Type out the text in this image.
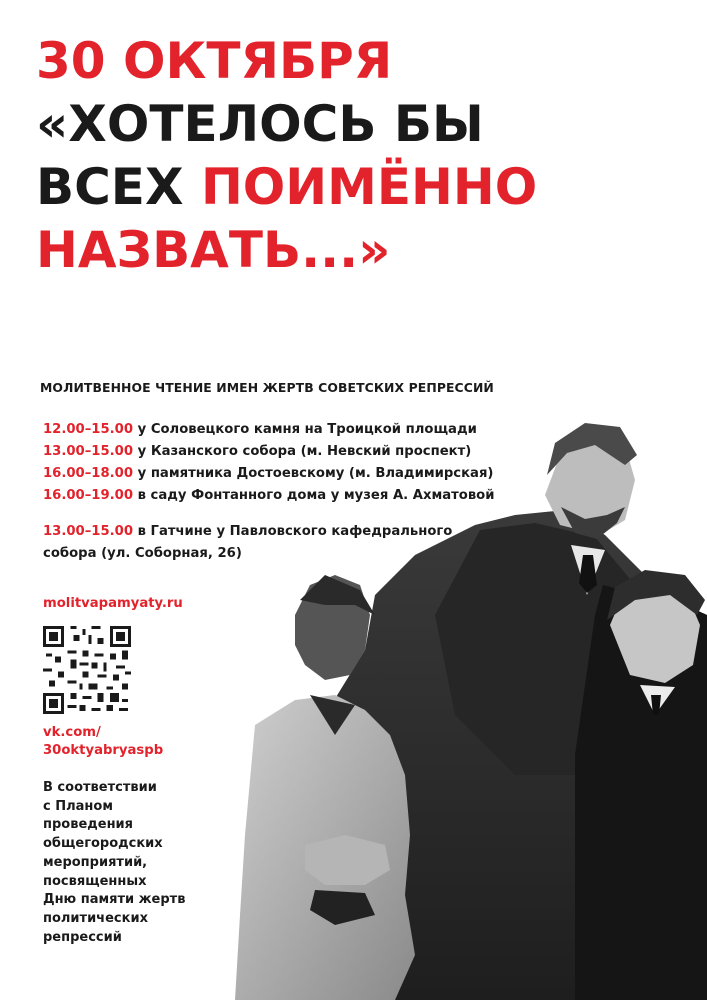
30 ОКТЯБРЯ
«ХОТЕЛОСЬ БЫ
ВСЕХ ПОИМЁННО
НАЗВАТЬ...»
МОЛИТВЕННОЕ ЧТЕНИЕ ИМЕН ЖЕРТВ СОВЕТСКИХ РЕПРЕССИЙ
12.00–15.00 у Соловецкого камня на Троицкой площади
13.00–15.00 у Казанского собора (м. Невский проспект)
16.00–18.00 у памятника Достоевскому (м. Владимирская)
16.00–19.00 в саду Фонтанного дома у музея А. Ахматовой
13.00–15.00 в Гатчине у Павловского кафедрального
собора (ул. Соборная, 26)
molitvapamyaty.ru
vk.com/
30oktyabryaspb
В соответствии
с Планом
проведения
общегородских
мероприятий,
посвященных
Дню памяти жертв
политических
репрессий
